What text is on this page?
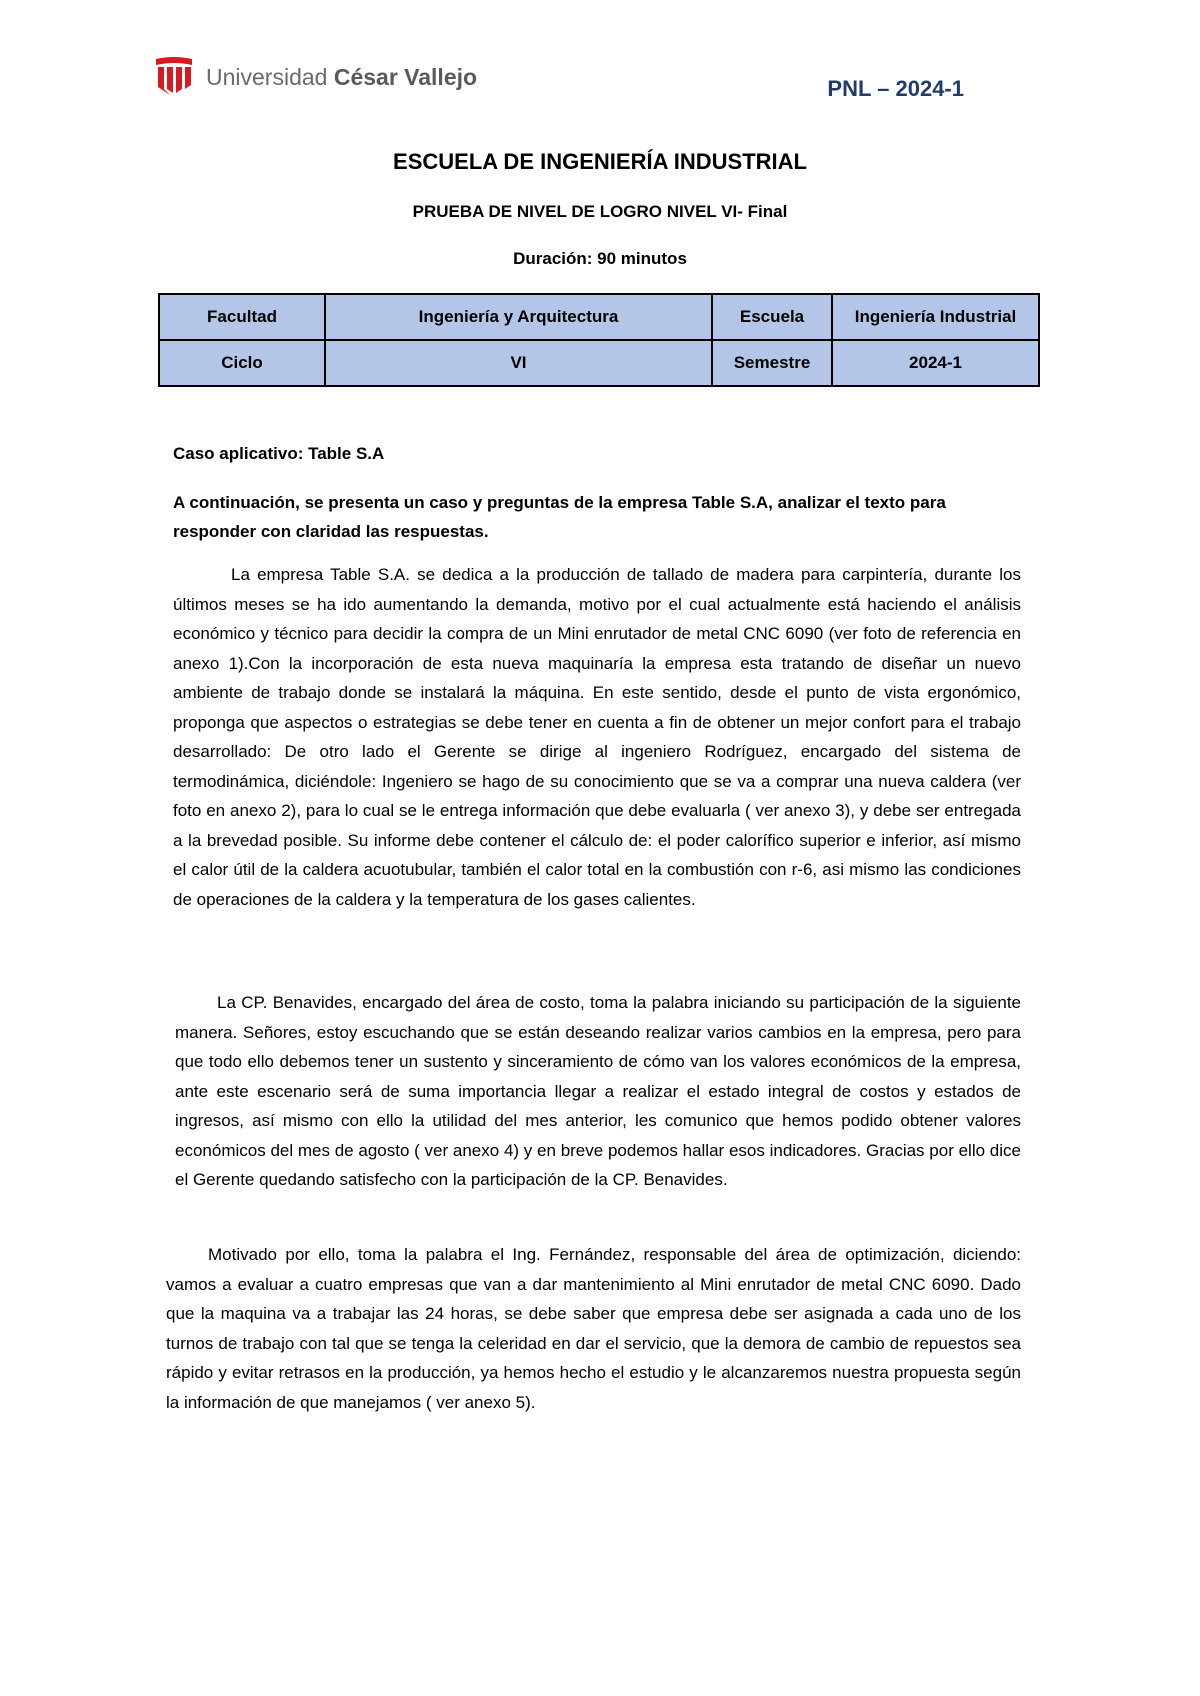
Universidad César Vallejo	PNL – 2024-1
ESCUELA DE INGENIERÍA INDUSTRIAL
PRUEBA DE NIVEL DE LOGRO NIVEL VI- Final
Duración: 90 minutos
Facultad	Ingeniería y Arquitectura	Escuela	Ingeniería Industrial
Ciclo	VI	Semestre	2024-1
Caso aplicativo: Table S.A

A continuación, se presenta un caso y preguntas de la empresa Table S.A, analizar el texto para responder con claridad las respuestas.

La empresa Table S.A. se dedica a la producción de tallado de madera para carpintería, durante los últimos meses se ha ido aumentando la demanda, motivo por el cual actualmente está haciendo el análisis económico y técnico para decidir la compra de un Mini enrutador de metal CNC 6090 (ver foto de referencia en anexo 1).Con la incorporación de esta nueva maquinaría la empresa esta tratando de diseñar un nuevo ambiente de trabajo donde se instalará la máquina. En este sentido, desde el punto de vista ergonómico, proponga que aspectos o estrategias se debe tener en cuenta a fin de obtener un mejor confort para el trabajo desarrollado: De otro lado el Gerente se dirige al ingeniero Rodríguez, encargado del sistema de termodinámica, diciéndole: Ingeniero se hago de su conocimiento que se va a comprar una nueva caldera (ver foto en anexo 2), para lo cual se le entrega información que debe evaluarla ( ver anexo 3), y debe ser entregada a la brevedad posible. Su informe debe contener el cálculo de: el poder calorífico superior e inferior, así mismo el calor útil de la caldera acuotubular, también el calor total en la combustión con r-6, asi mismo las condiciones de operaciones de la caldera y la temperatura de los gases calientes.

La CP. Benavides, encargado del área de costo, toma la palabra iniciando su participación de la siguiente manera. Señores, estoy escuchando que se están deseando realizar varios cambios en la empresa, pero para que todo ello debemos tener un sustento y sinceramiento de cómo van los valores económicos de la empresa, ante este escenario será de suma importancia llegar a realizar el estado integral de costos y estados de ingresos, así mismo con ello la utilidad del mes anterior, les comunico que hemos podido obtener valores económicos del mes de agosto ( ver anexo 4) y en breve podemos hallar esos indicadores. Gracias por ello dice el Gerente quedando satisfecho con la participación de la CP. Benavides.

Motivado por ello, toma la palabra el Ing. Fernández, responsable del área de optimización, diciendo: vamos a evaluar a cuatro empresas que van a dar mantenimiento al Mini enrutador de metal CNC 6090. Dado que la maquina va a trabajar las 24 horas, se debe saber que empresa debe ser asignada a cada uno de los turnos de trabajo con tal que se tenga la celeridad en dar el servicio, que la demora de cambio de repuestos sea rápido y evitar retrasos en la producción, ya hemos hecho el estudio y le alcanzaremos nuestra propuesta según la información de que manejamos ( ver anexo 5).
